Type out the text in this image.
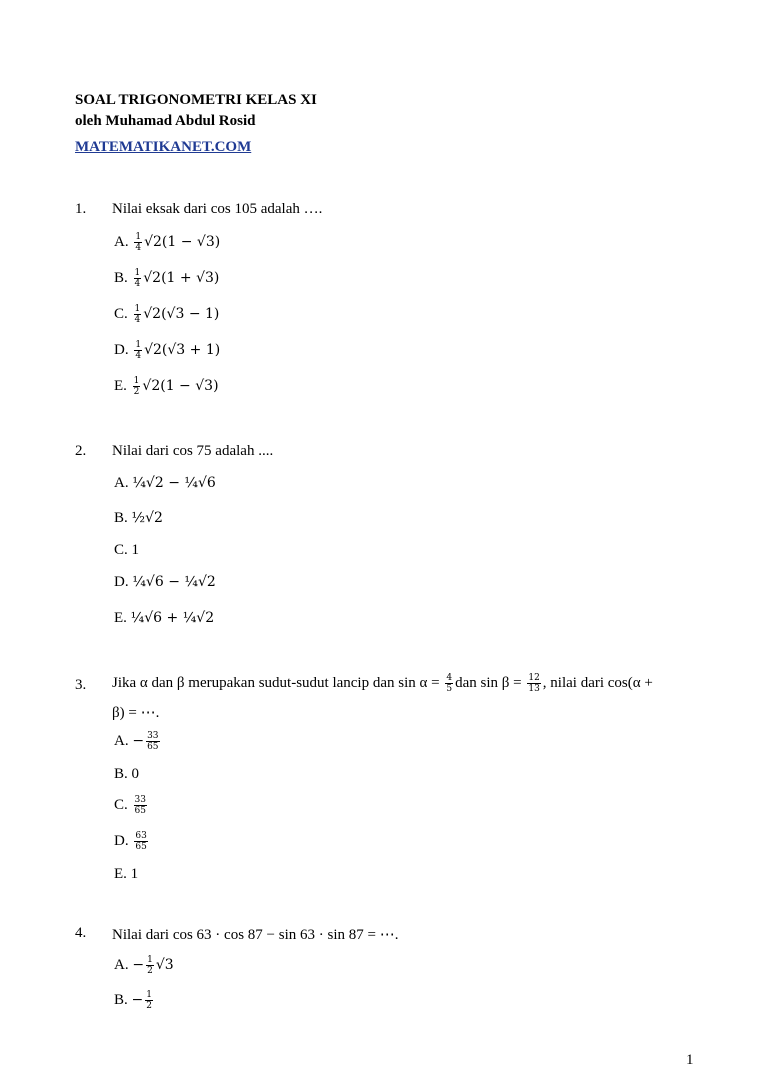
SOAL TRIGONOMETRI KELAS XI
oleh Muhamad Abdul Rosid
MATEMATIKANET.COM
1. Nilai eksak dari cos 105 adalah ….
A. $\frac{1}{4} √2(1 - √3)$
B. $\frac{1}{4} √2(1 + √3)$
C. $\frac{1}{4} √2(√3 - 1)$
D. $\frac{1}{4} √2(√3 + 1)$
E. $\frac{1}{2} √2(1 - √3)$
2. Nilai dari cos 75 adalah ....
A. ¼√2 − ¼√6
B. ½√2
C. 1
D. ¼√6 − ¼√2
E. ¼√6 + ¼√2
3. Jika α dan β merupakan sudut-sudut lancip dan $\sin \alpha = \frac{4}{5}$ dan $\sin \beta = \frac{12}{13}$ , nilai dari cos(α +
β) = ⋯.
A. − $\frac{33}{65}$
B. 0
C. $\frac{33}{65}$
D. $\frac{63}{65}$
E. 1
4. Nilai dari cos 63 · cos 87 − sin 63 · sin 87 = ⋯.
A. − $\frac{1}{2} √3$
B. − $\frac{1}{2}$
1
